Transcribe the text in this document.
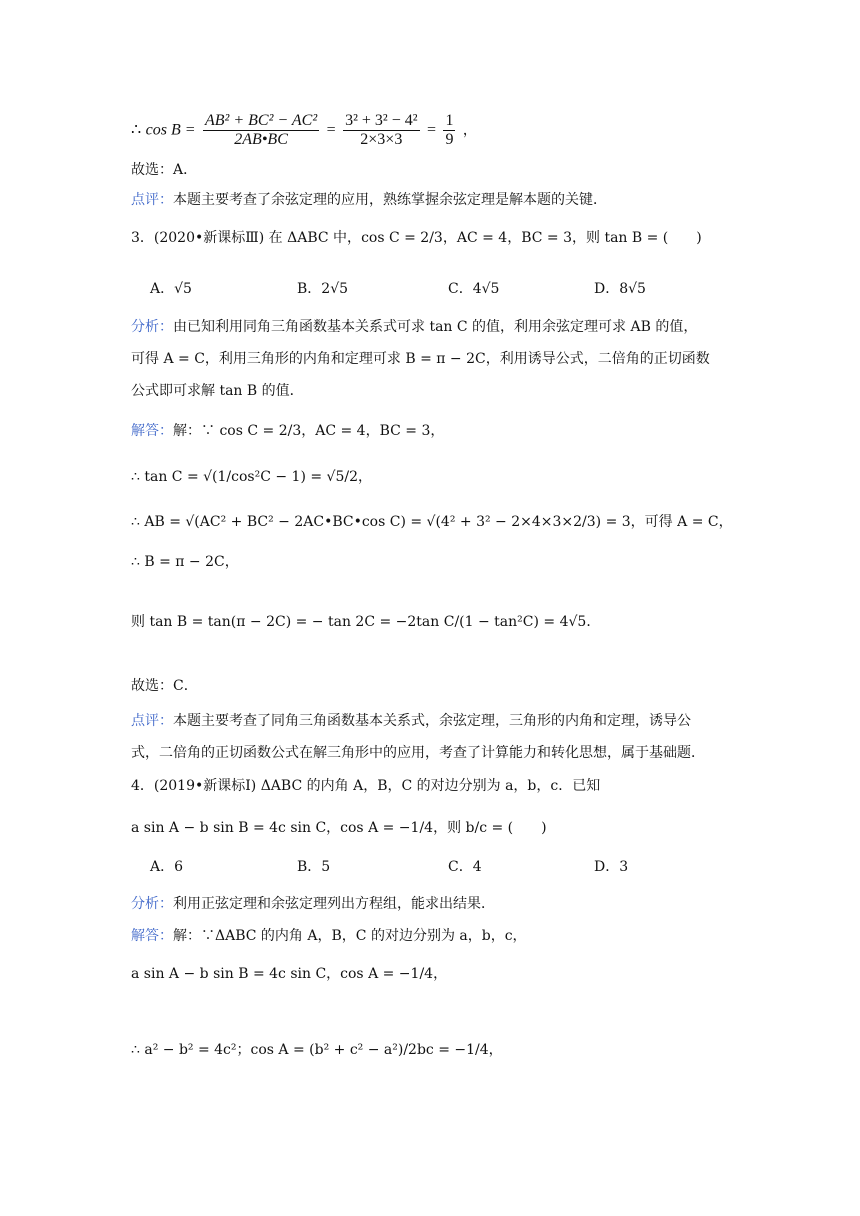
∴ $\cos B = \frac{\text{AB² + BC² − AC²}}{2AB•BC} = \frac{\text{3² + 3² − 4²}}{2\times 3\times 3} = \frac{1}{9}$ ，
故选：A．
点评：本题主要考查了余弦定理的应用，熟练掌握余弦定理是解本题的关键．
3．(2020•新课标Ⅲ) 在 ΔABC 中，cos C = 2/3，AC = 4，BC = 3，则 tan B = (　　)
A．√5	B．2√5	C．4√5	D．8√5
分析：由已知利用同角三角函数基本关系式可求 tan C 的值，利用余弦定理可求 AB 的值，
可得 A = C，利用三角形的内角和定理可求 B = π − 2C，利用诱导公式，二倍角的正切函数
公式即可求解 tan B 的值．
解答：解：∵ cos C = 2/3，AC = 4，BC = 3，
∴ tan C = √(1/cos²C − 1) = √5/2，
∴ AB = √(AC² + BC² − 2AC•BC•cos C) = √(4² + 3² − 2×4×3×2/3) = 3，可得 A = C，
∴ B = π − 2C，
则 tan B = tan(π − 2C) = − tan 2C = −2tan C/(1 − tan²C) = 4√5．
故选：C．
点评：本题主要考查了同角三角函数基本关系式，余弦定理，三角形的内角和定理，诱导公
式，二倍角的正切函数公式在解三角形中的应用，考查了计算能力和转化思想，属于基础题．
4．(2019•新课标Ⅰ) ΔABC 的内角 A，B，C 的对边分别为 a，b，c．已知
a sin A − b sin B = 4c sin C，cos A = −1/4，则 b/c = (　　)
A．6	B．5	C．4	D．3
分析：利用正弦定理和余弦定理列出方程组，能求出结果．
解答：解：∵ΔABC 的内角 A，B，C 的对边分别为 a，b，c，
a sin A − b sin B = 4c sin C，cos A = −1/4，
∴ a² − b² = 4c²；cos A = (b² + c² − a²)/2bc = −1/4，
